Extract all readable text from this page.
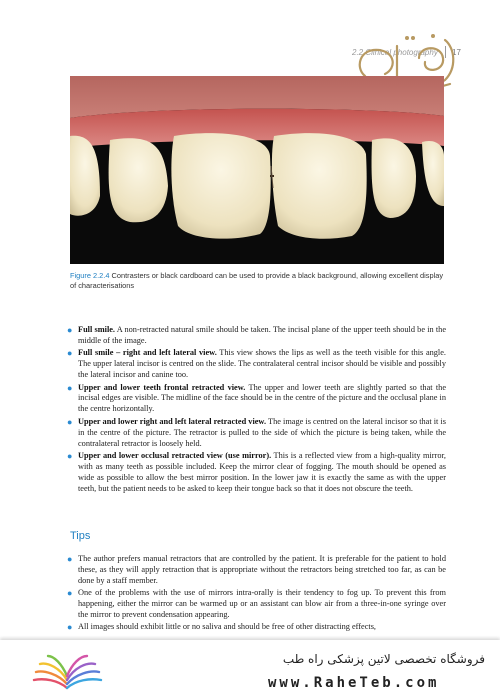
2.2 Clinical photography 17
Figure 2.2.4 Contrasters or black cardboard can be used to provide a black background, allowing excellent display of characterisations
● Full smile. A non-retracted natural smile should be taken. The incisal plane of the upper teeth should be in the middle of the image.
● Full smile – right and left lateral view. This view shows the lips as well as the teeth visible for this angle. The upper lateral incisor is centred on the slide. The contralateral central incisor should be visible and possibly the lateral incisor and canine too.
● Upper and lower teeth frontal retracted view. The upper and lower teeth are slightly parted so that the incisal edges are visible. The midline of the face should be in the centre of the picture and the occlusal plane in the centre horizontally.
● Upper and lower right and left lateral retracted view. The image is centred on the lateral incisor so that it is in the centre of the picture. The retractor is pulled to the side of which the picture is being taken, while the contralateral retractor is loosely held.
● Upper and lower occlusal retracted view (use mirror). This is a reflected view from a high-quality mirror, with as many teeth as possible included. Keep the mirror clear of fogging. The mouth should be opened as wide as possible to allow the best mirror position. In the lower jaw it is exactly the same as with the upper teeth, but the patient needs to be asked to keep their tongue back so that it does not obscure the teeth.
Tips
● The author prefers manual retractors that are controlled by the patient. It is preferable for the patient to hold these, as they will apply retraction that is appropriate without the retractors being stretched too far, as can be done by a staff member.
● One of the problems with the use of mirrors intra-orally is their tendency to fog up. To prevent this from happening, either the mirror can be warmed up or an assistant can blow air from a three-in-one syringe over the mirror to prevent condensation appearing.
● All images should exhibit little or no saliva and should be free of other distracting effects,
فروشگاه تخصصی لاتین پزشکی راه طب
www.RaheTeb.com
